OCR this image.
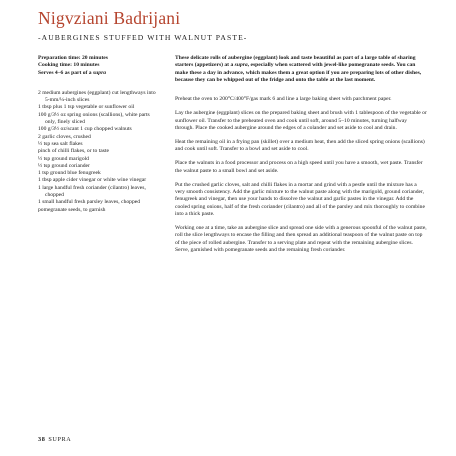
Nigvziani Badrijani
-AUBERGINES STUFFED WITH WALNUT PASTE-

Preparation time: 20 minutes

Cooking time: 10 minutes

Serves 4–6 as part of a supra

2 medium aubergines (eggplant) cut lengthways into 5-mm/¼-inch slices
1 tbsp plus 1 tsp vegetable or sunflower oil
100 g/3½ oz spring onions (scallions), white parts only, finely sliced
100 g/3½ oz/scant 1 cup chopped walnuts
2 garlic cloves, crushed
½ tsp sea salt flakes
pinch of chilli flakes, or to taste
½ tsp ground marigold
½ tsp ground coriander
1 tsp ground blue fenugreek
1 tbsp apple cider vinegar or white wine vinegar
1 large handful fresh coriander (cilantro) leaves, chopped
1 small handful fresh parsley leaves, chopped
pomegranate seeds, to garnish

These delicate rolls of aubergine (eggplant) look and taste beautiful as part of a large table of sharing starters (appetizers) at a supra, especially when scattered with jewel-like pomegranate seeds. You can make these a day in advance, which makes them a great option if you are preparing lots of other dishes, because they can be whipped out of the fridge and onto the table at the last moment.

Preheat the oven to 200°C/400°F/gas mark 6 and line a large baking sheet with parchment paper.

Lay the aubergine (eggplant) slices on the prepared baking sheet and brush with 1 tablespoon of the vegetable or sunflower oil. Transfer to the preheated oven and cook until soft, around 5–10 minutes, turning halfway through. Place the cooked aubergine around the edges of a colander and set aside to cool and drain.

Heat the remaining oil in a frying pan (skillet) over a medium heat, then add the sliced spring onions (scallions) and cook until soft. Transfer to a bowl and set aside to cool.

Place the walnuts in a food processor and process on a high speed until you have a smooth, wet paste. Transfer the walnut paste to a small bowl and set aside.

Put the crushed garlic cloves, salt and chilli flakes in a mortar and grind with a pestle until the mixture has a very smooth consistency. Add the garlic mixture to the walnut paste along with the marigold, ground coriander, fenugreek and vinegar, then use your hands to dissolve the walnut and garlic pastes in the vinegar. Add the cooled spring onions, half of the fresh coriander (cilantro) and all of the parsley and mix thoroughly to combine into a thick paste.

Working one at a time, take an aubergine slice and spread one side with a generous spoonful of the walnut paste, roll the slice lengthways to encase the filling and then spread an additional teaspoon of the walnut paste on top of the piece of rolled aubergine. Transfer to a serving plate and repeat with the remaining aubergine slices. Serve, garnished with pomegranate seeds and the remaining fresh coriander.

38 SUPRA
